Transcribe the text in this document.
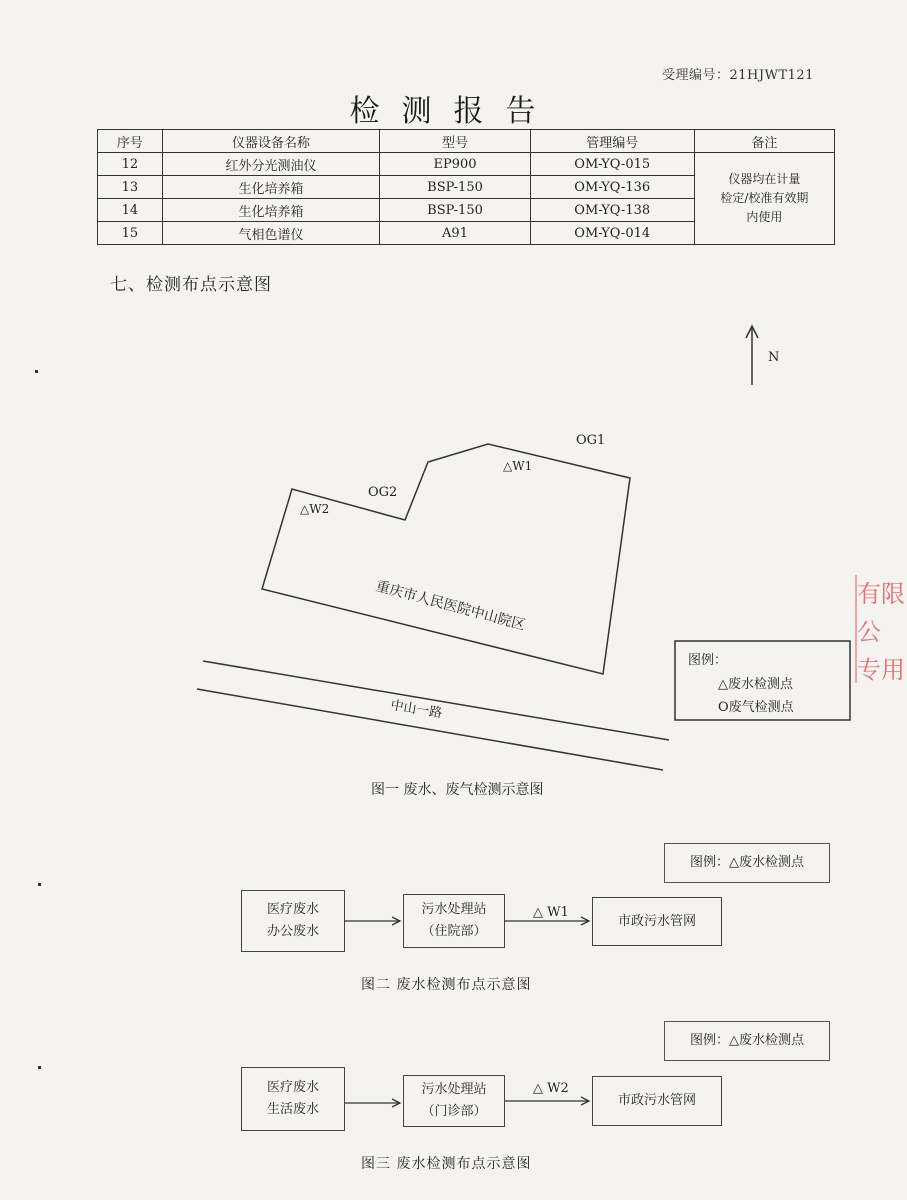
受理编号：21HJWT121
检测报告
序号	仪器设备名称	型号	管理编号	备注
12	红外分光测油仪	EP900	OM-YQ-015	仪器均在计量
检定/校准有效期
内使用

13	生化培养箱	BSP-150	OM-YQ-136	
14	生化培养箱	BSP-150	OM-YQ-138	
15	气相色谱仪	A91	OM-YQ-014	
七、检测布点示意图
N
OG1
OG2
△W1
△W2
重庆市人民医院中山院区
中山一路
图例：
△废水检测点
O废气检测点
图一 废水、废气检测示意图
图例：△废水检测点
医疗废水
办公废水
污水处理站
（住院部）
市政污水管网
△ W1
图二 废水检测布点示意图
图例：△废水检测点
医疗废水
生活废水
污水处理站
（门诊部）
市政污水管网
△ W2
图三 废水检测布点示意图
有限公
专用
